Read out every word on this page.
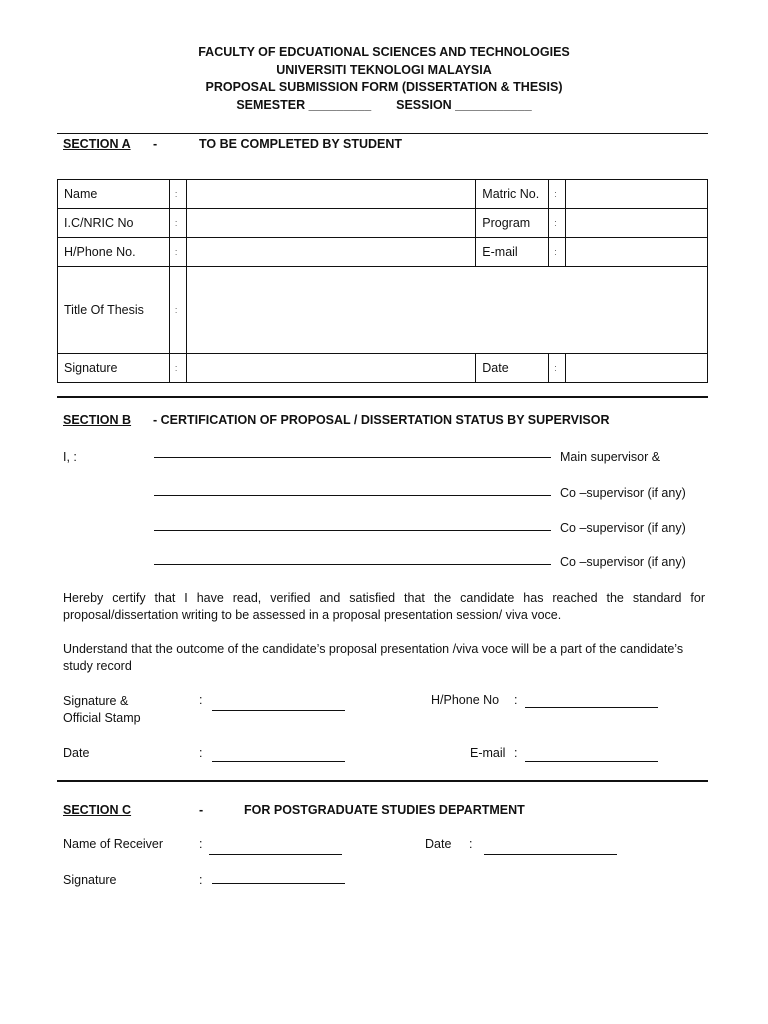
FACULTY OF EDCUATIONAL SCIENCES AND TECHNOLOGIES
UNIVERSITI TEKNOLOGI MALAYSIA
PROPOSAL SUBMISSION FORM (DISSERTATION & THESIS)
SEMESTER _________ SESSION ___________
SECTION A -	TO BE COMPLETED BY STUDENT
Name	:		Matric No.	:	
I.C/NRIC No	:		Program	:	
H/Phone No.	:		E-mail	:	
Title Of Thesis	:				
Signature	:		Date	:	
SECTION B - CERTIFICATION OF PROPOSAL / DISSERTATION STATUS BY SUPERVISOR
I, :	Main supervisor &
Co –supervisor (if any)
Co –supervisor (if any)
Co –supervisor (if any)

Hereby certify that I have read, verified and satisfied that the candidate has reached the standard for proposal/dissertation writing to be assessed in a proposal presentation session/ viva voce.

Understand that the outcome of the candidate’s proposal presentation /viva voce will be a part of the candidate’s study record

Signature &
Official Stamp
:	H/Phone No :
Date	:	E-mail :
SECTION C	-	FOR POSTGRADUATE STUDIES DEPARTMENT
Name of Receiver	:	Date :
Signature	:
